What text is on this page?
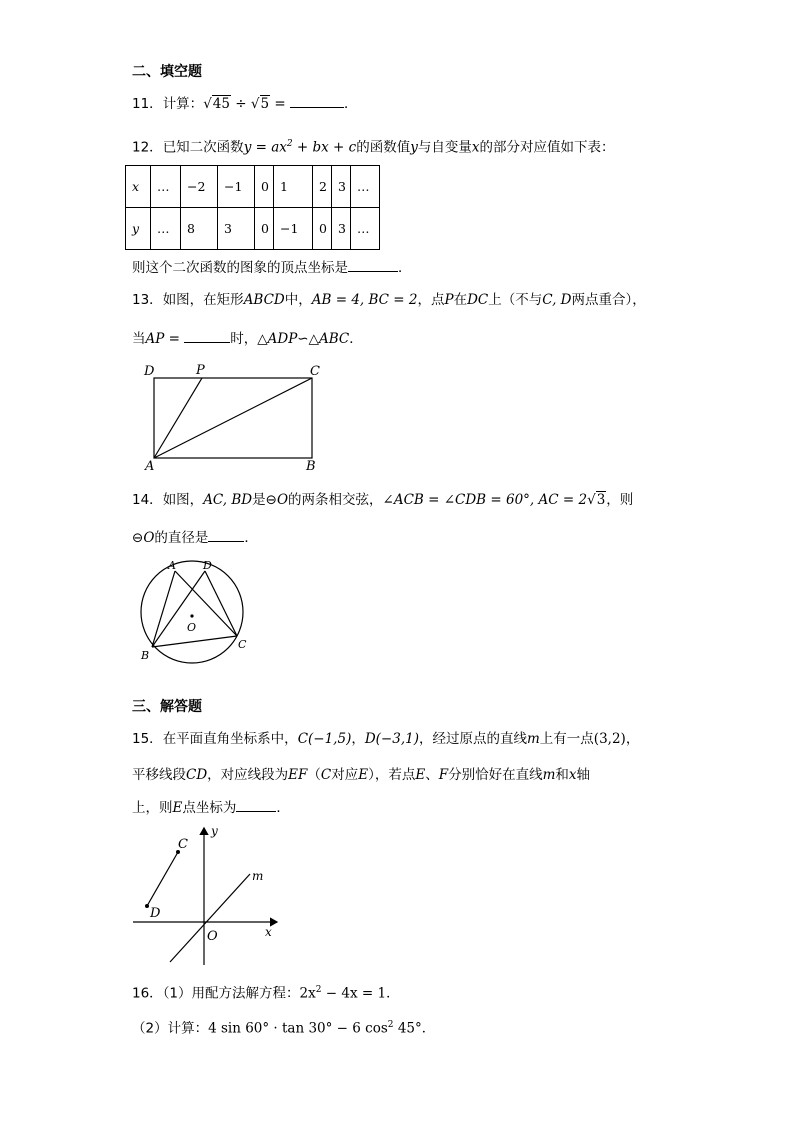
二、填空题
11．计算：√45 ÷ √5 =	．
12．已知二次函数$y = ax^2$ + bx + c的函数值y与自变量x的部分对应值如下表：
x	…	−2	−1	0	1	2	3	…
y	…	8	3	0	−1	0	3	…
则这个二次函数的图象的顶点坐标是	．
13．如图，在矩形ABCD中，AB = 4, BC = 2，点P在DC上（不与C, D两点重合），
当AP =	时，△ADP∽△ABC．
D	P	C
A	B
14．如图，AC, BD是⊖O的两条相交弦，∠ACB = ∠CDB = 60°, AC = 2√3，则
⊖O的直径是	．
A D
O
B
C
三、解答题
15．在平面直角坐标系中，C(−1,5)，D(−3,1)，经过原点的直线m上有一点(3,2)，
平移线段CD，对应线段为EF（C对应E），若点E、F分别恰好在直线m和x轴
上，则E点坐标为	．
y
C
m
D
O	x
16．（1）用配方法解方程：$2x^2 - 4x = 1$．
（2）计算：4 sin 60° · tan 30° − 6 $\cos^2 45^\circ$．
